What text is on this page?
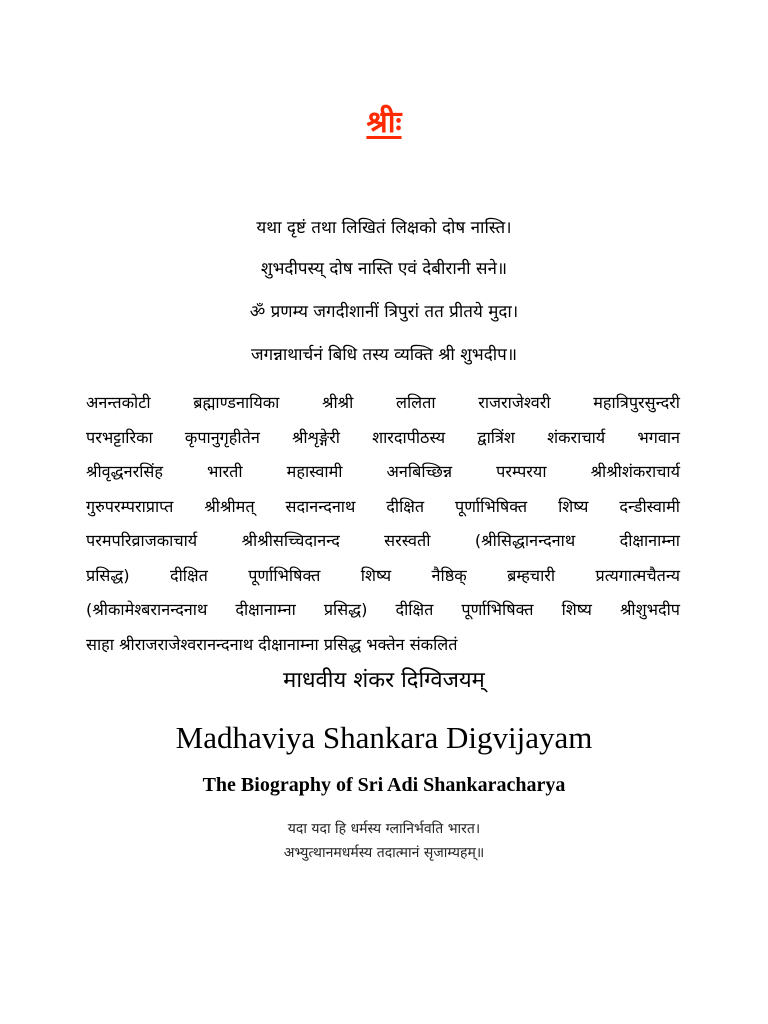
श्रीः
यथा दृष्टं तथा लिखितं लिक्षको दोष नास्ति।
शुभदीपस्य् दोष नास्ति एवं देबीरानी सने॥
ॐ प्रणम्य जगदीशानीं त्रिपुरां तत प्रीतये मुदा।
जगन्नाथार्चनं बिधि तस्य व्यक्ति श्री शुभदीप॥
अनन्तकोटी ब्रह्माण्डनायिका श्रीश्री ललिता राजराजेश्वरी महात्रिपुरसुन्दरी
परभट्टारिका कृपानुगृहीतेन श्रीशृङ्गेरी शारदापीठस्य द्वात्रिंश शंकराचार्य भगवान
श्रीवृद्धनरसिंह भारती महास्वामी अनबिच्छिन्न परम्परया श्रीश्रीशंकराचार्य
गुरुपरम्पराप्राप्त श्रीश्रीमत् सदानन्दनाथ दीक्षित पूर्णाभिषिक्त शिष्य दन्डीस्वामी
परमपरिव्राजकाचार्य श्रीश्रीसच्चिदानन्द सरस्वती (श्रीसिद्धानन्दनाथ दीक्षानाम्ना
प्रसिद्ध) दीक्षित पूर्णाभिषिक्त शिष्य नैष्ठिक् ब्रम्हचारी प्रत्यगात्मचैतन्य
(श्रीकामेश्बरानन्दनाथ दीक्षानाम्ना प्रसिद्ध) दीक्षित पूर्णाभिषिक्त शिष्य श्रीशुभदीप
साहा श्रीराजराजेश्वरानन्दनाथ दीक्षानाम्ना प्रसिद्ध भक्तेन संकलितं
माधवीय शंकर दिग्विजयम्
Madhaviya Shankara Digvijayam
The Biography of Sri Adi Shankaracharya
यदा यदा हि धर्मस्य ग्लानिर्भवति भारत।
अभ्युत्थानमधर्मस्य तदात्मानं सृजाम्यहम्॥
